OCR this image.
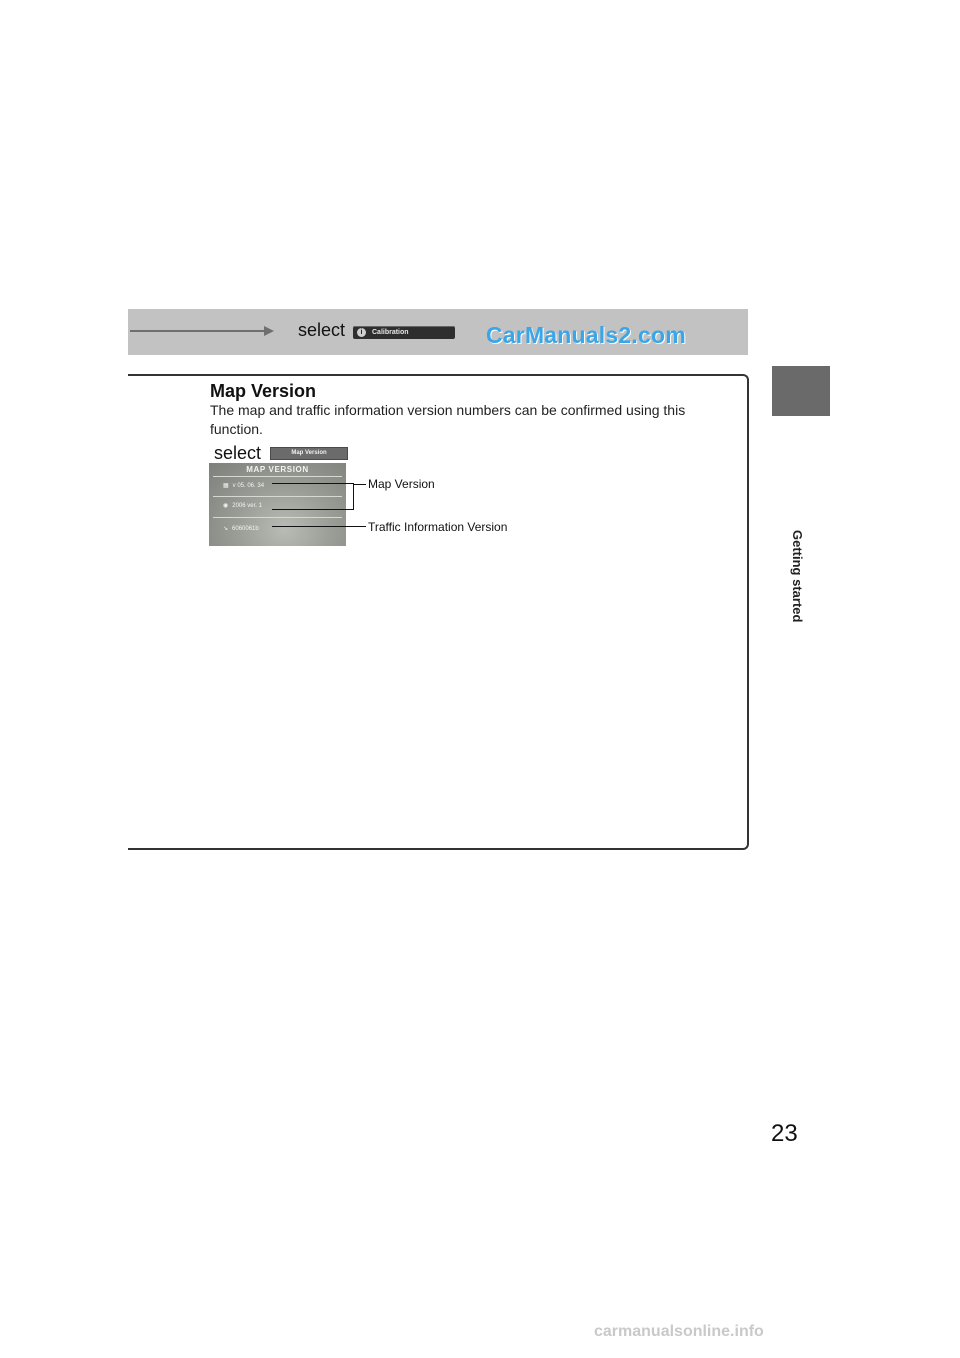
select	i	Calibration	CarManuals2.com
Getting started
Map Version
The map and traffic information version numbers can be confirmed using this function.
select	Map Version
MAP VERSION
▦ v 05. 06. 34
◉ 2006 ver. 1
↘ 6060061b
Map Version
Traffic Information Version
23
carmanualsonline.info
